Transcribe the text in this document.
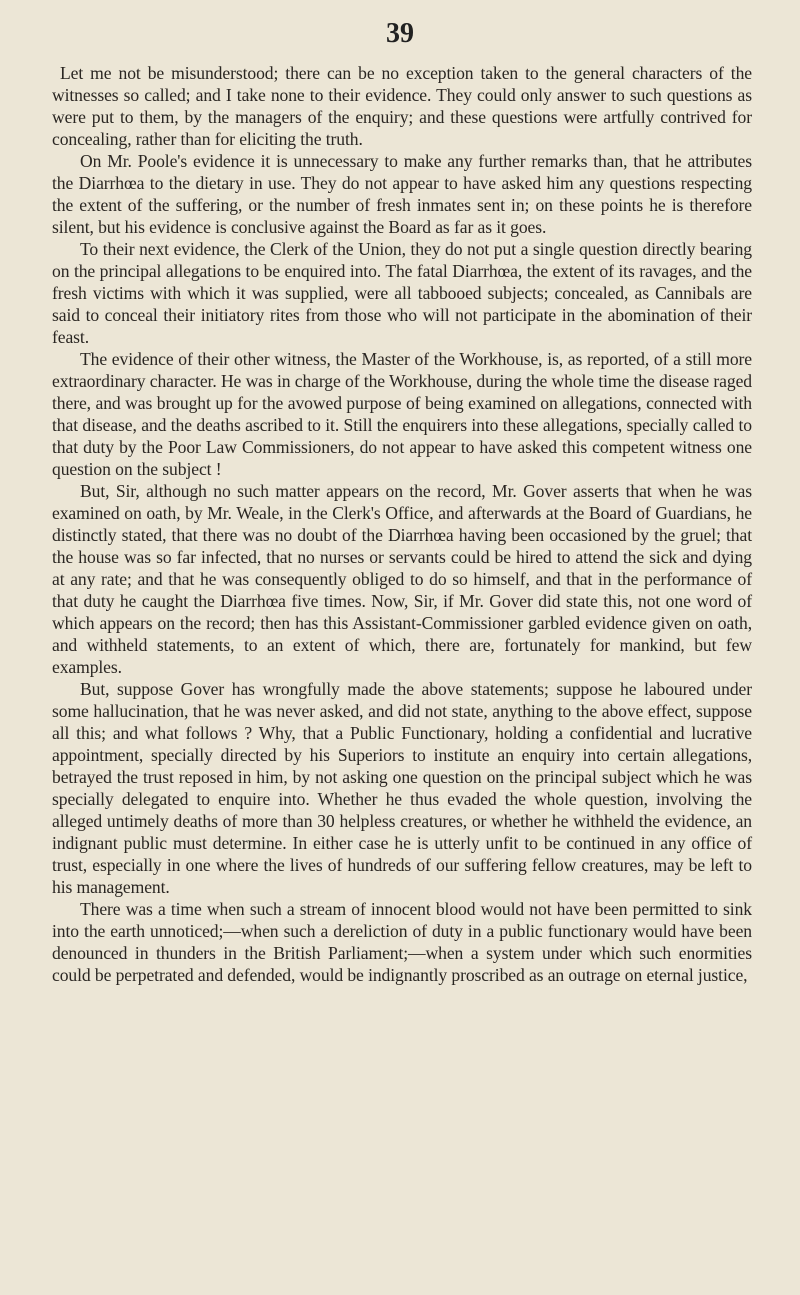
39

Let me not be misunderstood; there can be no exception taken to the general characters of the witnesses so called; and I take none to their evidence. They could only answer to such questions as were put to them, by the managers of the enquiry; and these questions were artfully contrived for concealing, rather than for eliciting the truth.

On Mr. Poole's evidence it is unnecessary to make any further remarks than, that he attributes the Diarrhœa to the dietary in use. They do not appear to have asked him any questions respecting the extent of the suffering, or the number of fresh inmates sent in; on these points he is therefore silent, but his evidence is conclusive against the Board as far as it goes.

To their next evidence, the Clerk of the Union, they do not put a single question directly bearing on the principal allegations to be enquired into. The fatal Diarrhœa, the extent of its ravages, and the fresh victims with which it was supplied, were all tabbooed subjects; concealed, as Cannibals are said to conceal their initiatory rites from those who will not participate in the abomination of their feast.

The evidence of their other witness, the Master of the Workhouse, is, as reported, of a still more extraordinary character. He was in charge of the Workhouse, during the whole time the disease raged there, and was brought up for the avowed purpose of being examined on allegations, connected with that disease, and the deaths ascribed to it. Still the enquirers into these allegations, specially called to that duty by the Poor Law Commissioners, do not appear to have asked this competent witness one question on the subject !

But, Sir, although no such matter appears on the record, Mr. Gover asserts that when he was examined on oath, by Mr. Weale, in the Clerk's Office, and afterwards at the Board of Guardians, he distinctly stated, that there was no doubt of the Diarrhœa having been occasioned by the gruel; that the house was so far infected, that no nurses or servants could be hired to attend the sick and dying at any rate; and that he was consequently obliged to do so himself, and that in the performance of that duty he caught the Diarrhœa five times. Now, Sir, if Mr. Gover did state this, not one word of which appears on the record; then has this Assistant-Commissioner garbled evidence given on oath, and withheld statements, to an extent of which, there are, fortunately for mankind, but few examples.

But, suppose Gover has wrongfully made the above statements; suppose he laboured under some hallucination, that he was never asked, and did not state, anything to the above effect, suppose all this; and what follows ? Why, that a Public Functionary, holding a confidential and lucrative appointment, specially directed by his Superiors to institute an enquiry into certain allegations, betrayed the trust reposed in him, by not asking one question on the principal subject which he was specially delegated to enquire into. Whether he thus evaded the whole question, involving the alleged untimely deaths of more than 30 helpless creatures, or whether he withheld the evidence, an indignant public must determine. In either case he is utterly unfit to be continued in any office of trust, especially in one where the lives of hundreds of our suffering fellow creatures, may be left to his management.

There was a time when such a stream of innocent blood would not have been permitted to sink into the earth unnoticed;—when such a dereliction of duty in a public functionary would have been denounced in thunders in the British Parliament;—when a system under which such enormities could be perpetrated and defended, would be indignantly proscribed as an outrage on eternal justice,
